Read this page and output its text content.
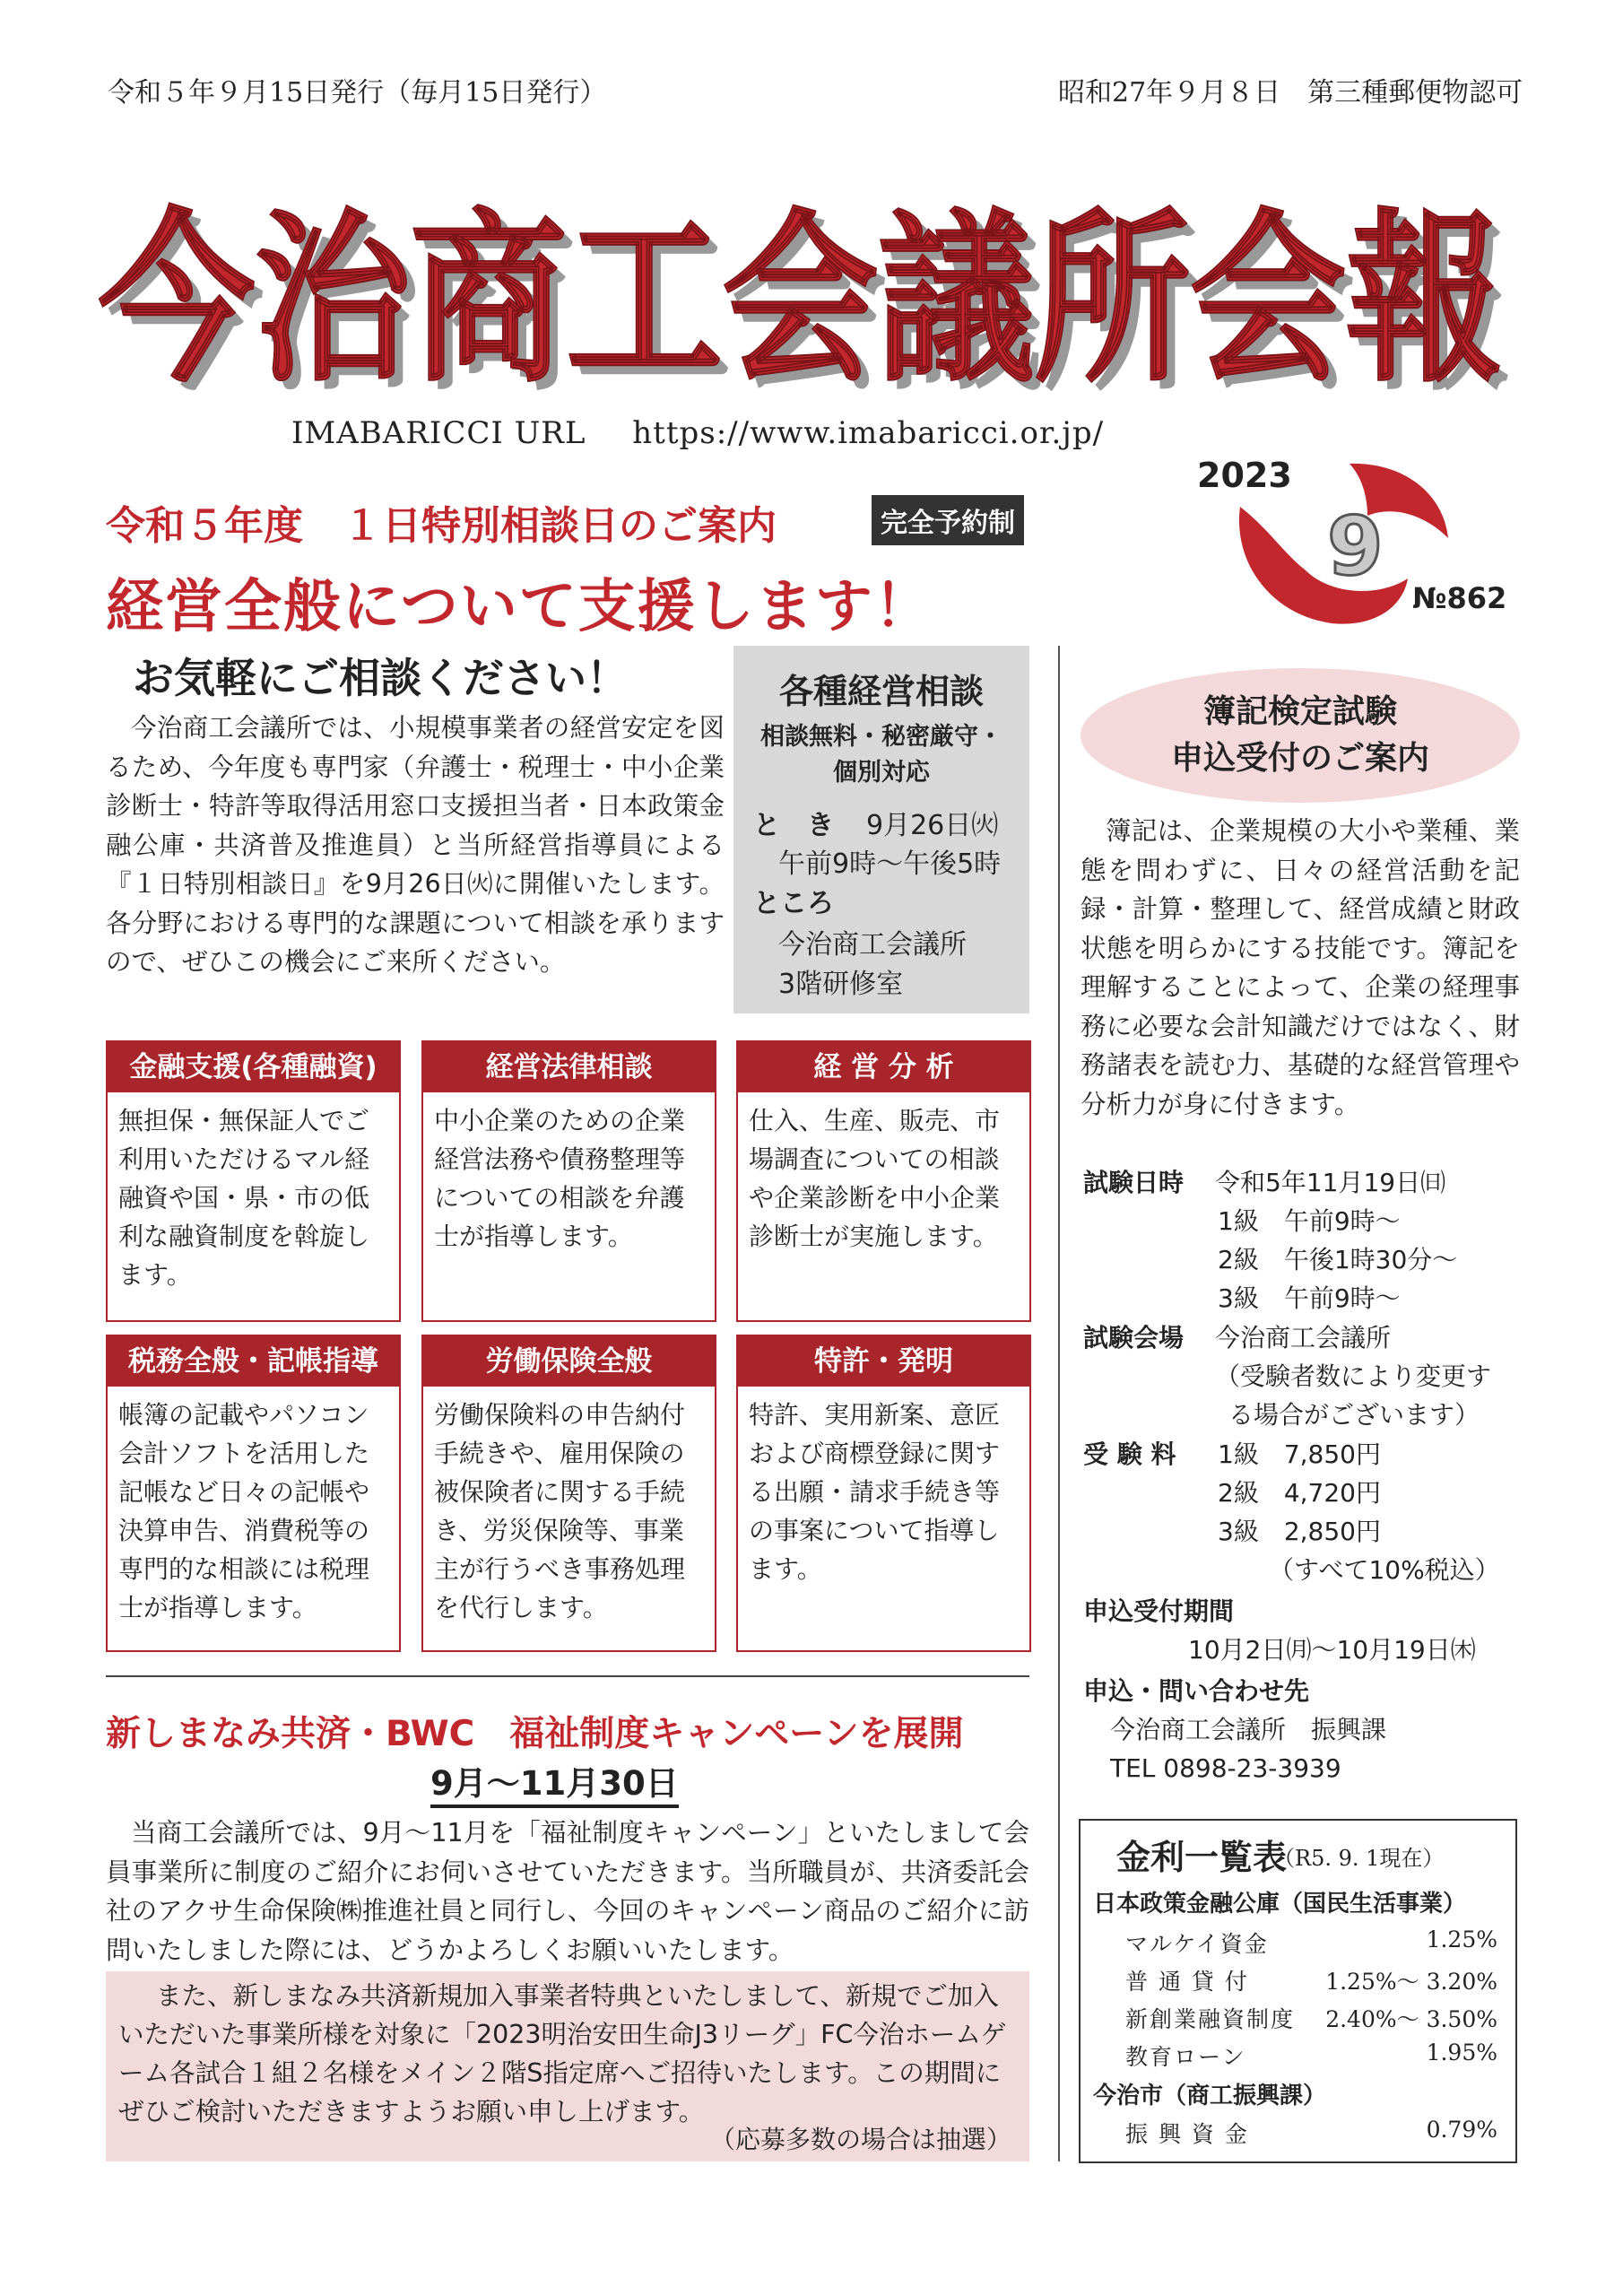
令和５年９月15日発行（毎月15日発行）	昭和27年９月８日　第三種郵便物認可
今治商工会議所会報
今治商工会議所会報
IMABARICCI URL https://www.imabaricci.or.jp/
9
2023
№862
令和５年度　１日特別相談日のご案内	完全予約制
経営全般について支援します！
お気軽にご相談ください！
今治商工会議所では、小規模事業者の経営安定を図るため、今年度も専門家（弁護士・税理士・中小企業診断士・特許等取得活用窓口支援担当者・日本政策金融公庫・共済普及推進員）と当所経営指導員による『１日特別相談日』を9月26日㈫に開催いたします。各分野における専門的な課題について相談を承りますので、ぜひこの機会にご来所ください。
各種経営相談
相談無料・秘密厳守・
個別対応
と　き 9月26日㈫
午前9時～午後5時
ところ
今治商工会議所
3階研修室
金融支援(各種融資)
無担保・無保証人でご利用いただけるマル経融資や国・県・市の低利な融資制度を斡旋します。
経営法律相談
中小企業のための企業経営法務や債務整理等についての相談を弁護士が指導します。
経 営 分 析
仕入、生産、販売、市場調査についての相談や企業診断を中小企業診断士が実施します。
税務全般・記帳指導
帳簿の記載やパソコン会計ソフトを活用した記帳など日々の記帳や決算申告、消費税等の専門的な相談には税理士が指導します。
労働保険全般
労働保険料の申告納付手続きや、雇用保険の被保険者に関する手続き、労災保険等、事業主が行うべき事務処理を代行します。
特許・発明
特許、実用新案、意匠および商標登録に関する出願・請求手続き等の事案について指導します。
新しまなみ共済・BWC　福祉制度キャンペーンを展開
9月～11月30日
当商工会議所では、9月～11月を「福祉制度キャンペーン」といたしまして会員事業所に制度のご紹介にお伺いさせていただきます。当所職員が、共済委託会社のアクサ生命保険㈱推進社員と同行し、今回のキャンペーン商品のご紹介に訪問いたしました際には、どうかよろしくお願いいたします。
また、新しまなみ共済新規加入事業者特典といたしまして、新規でご加入いただいた事業所様を対象に「2023明治安田生命J3リーグ」FC今治ホームゲーム各試合１組２名様をメイン２階S指定席へご招待いたします。この期間にぜひご検討いただきますようお願い申し上げます。
（応募多数の場合は抽選）
簿記検定試験
申込受付のご案内
簿記は、企業規模の大小や業種、業態を問わずに、日々の経営活動を記録・計算・整理して、経営成績と財政状態を明らかにする技能です。簿記を理解することによって、企業の経理事務に必要な会計知識だけではなく、財務諸表を読む力、基礎的な経営管理や分析力が身に付きます。
試験日時 令和5年11月19日㈰
1級　午前9時～
2級　午後1時30分～
3級　午前9時～
試験会場 今治商工会議所
（受験者数により変更す
る場合がございます）
受 験 料 1級　7,850円
2級　4,720円
3級　2,850円
（すべて10%税込）
申込受付期間
10月2日㈪～10月19日㈭
申込・問い合わせ先
今治商工会議所　振興課
TEL 0898-23-3939
金利一覧表
（R5. 9. 1現在）
日本政策金融公庫（国民生活事業）
マルケイ資金	1.25%
普 通 貸 付	1.25%～ 3.20%
新創業融資制度 2.40%～ 3.50%
教育ローン	1.95%
今治市（商工振興課）
振 興 資 金	0.79%
